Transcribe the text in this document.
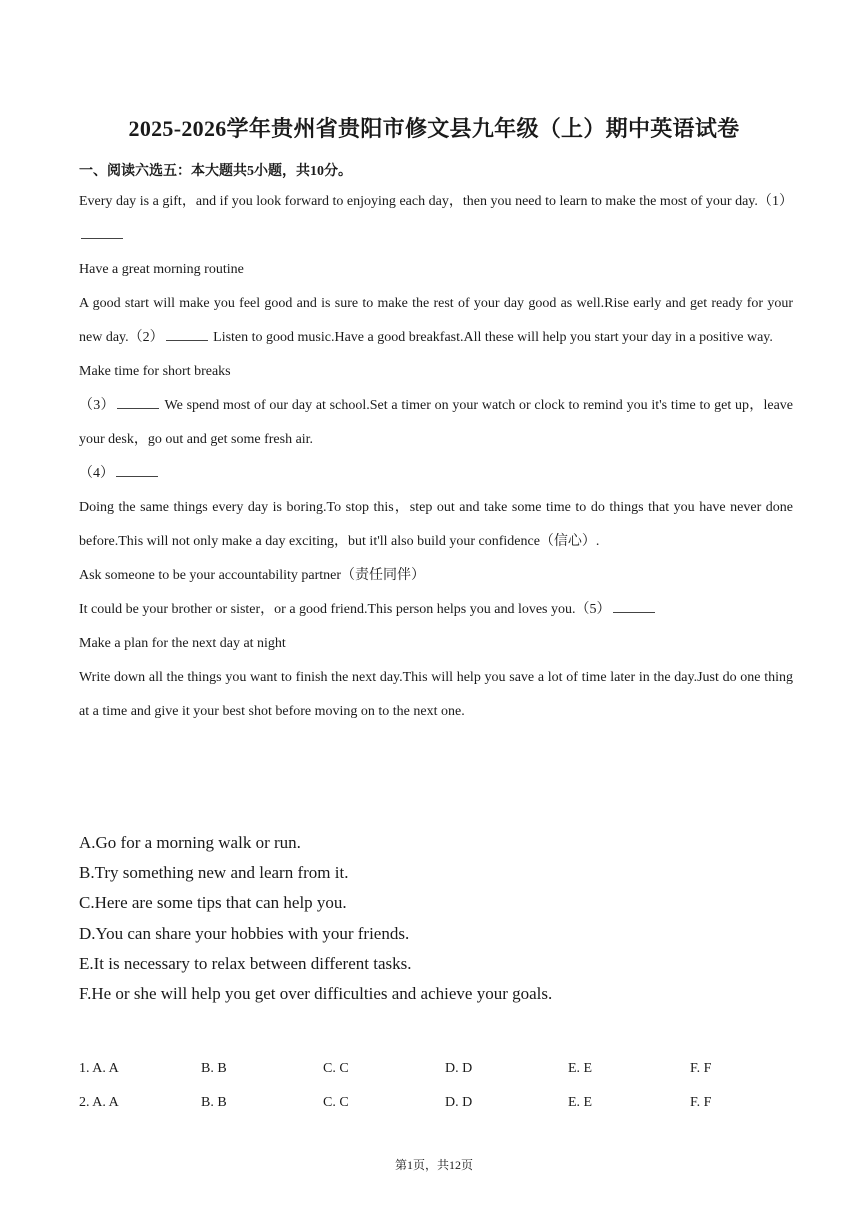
2025-2026学年贵州省贵阳市修文县九年级（上）期中英语试卷
一、阅读六选五：本大题共5小题，共10分。

Every day is a gift，and if you look forward to enjoying each day，then you need to learn to make the most of your day.（1）

Have a great morning routine

A good start will make you feel good and is sure to make the rest of your day good as well.Rise early and get ready for your new day.（2）	Listen to good music.Have a good breakfast.All these will help you start your day in a positive way.

Make time for short breaks

（3）	We spend most of our day at school.Set a timer on your watch or clock to remind you it's time to get up，leave your desk，go out and get some fresh air.

（4）

Doing the same things every day is boring.To stop this，step out and take some time to do things that you have never done before.This will not only make a day exciting，but it'll also build your confidence（信心）.

Ask someone to be your accountability partner（责任同伴）

It could be your brother or sister，or a good friend.This person helps you and loves you.（5）

Make a plan for the next day at night

Write down all the things you want to finish the next day.This will help you save a lot of time later in the day.Just do one thing at a time and give it your best shot before moving on to the next one.

A.Go for a morning walk or run.
B.Try something new and learn from it.
C.Here are some tips that can help you.
D.You can share your hobbies with your friends.
E.It is necessary to relax between different tasks.
F.He or she will help you get over difficulties and achieve your goals.
1. A. A	B. B	C. C	D. D	E. E	F. F
2. A. A	B. B	C. C	D. D	E. E	F. F
第1页，共12页
